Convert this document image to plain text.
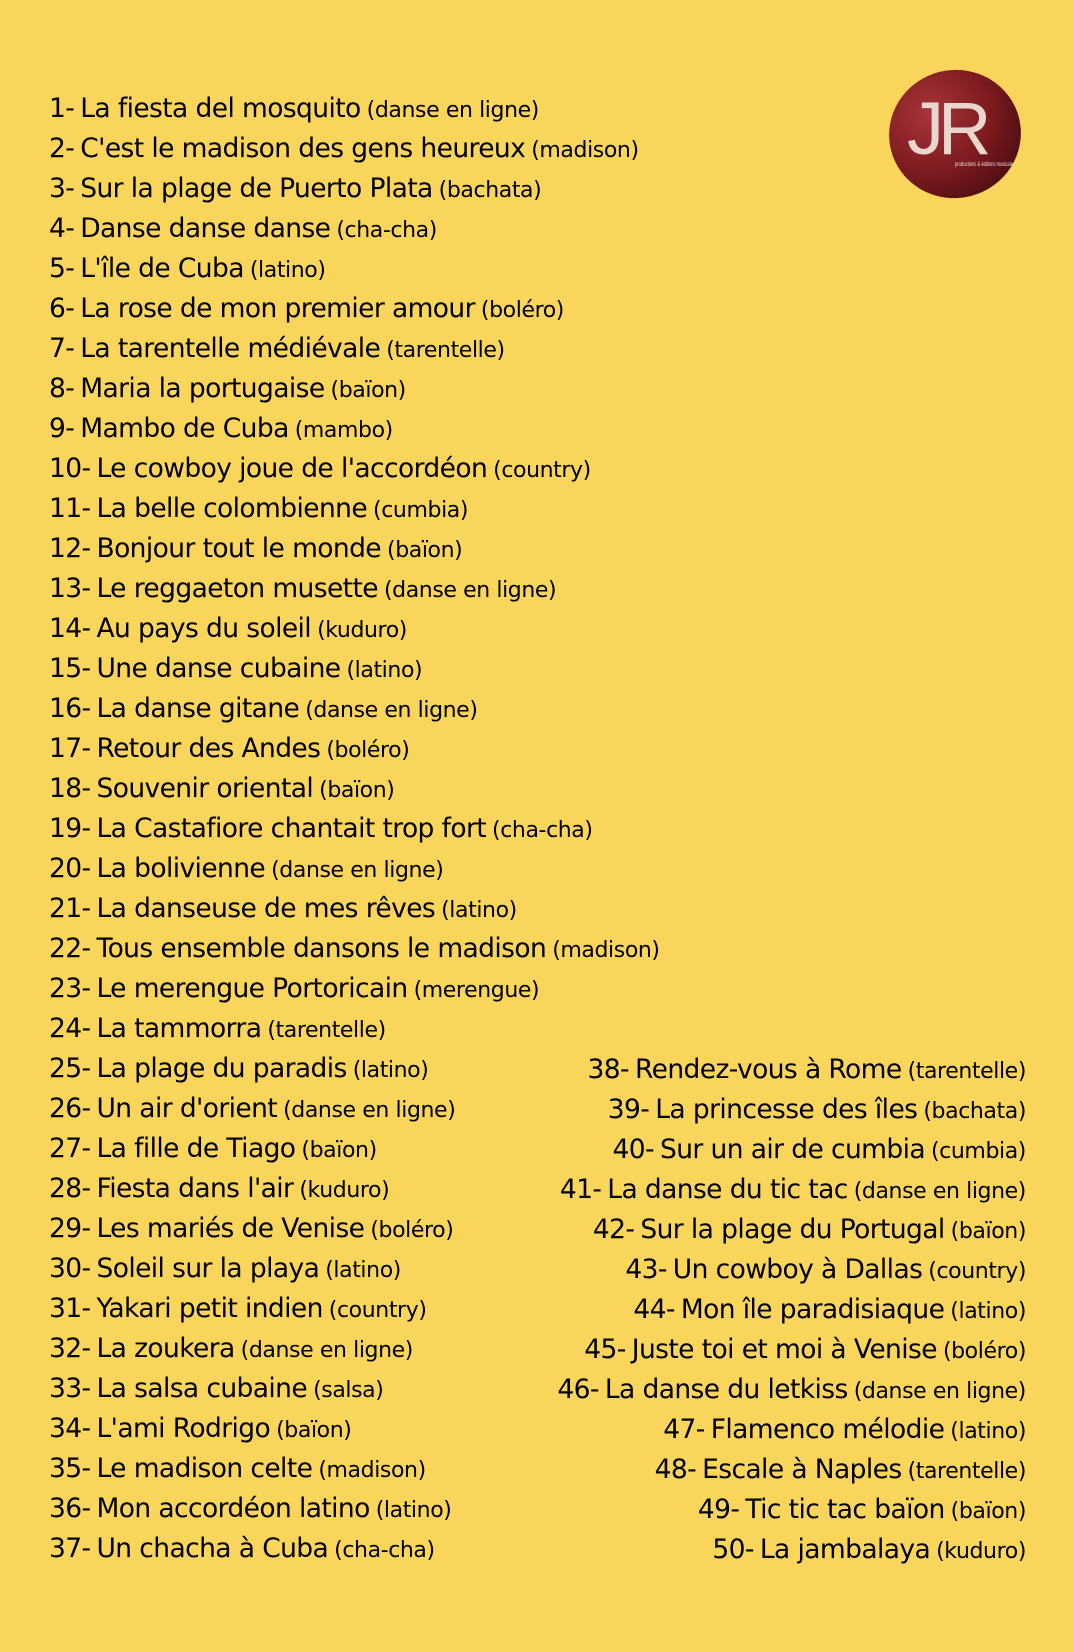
1- La fiesta del mosquito (danse en ligne)
2- C'est le madison des gens heureux (madison)
3- Sur la plage de Puerto Plata (bachata)
4- Danse danse danse (cha-cha)
5- L'île de Cuba (latino)
6- La rose de mon premier amour (boléro)
7- La tarentelle médiévale (tarentelle)
8- Maria la portugaise (baïon)
9- Mambo de Cuba (mambo)
10- Le cowboy joue de l'accordéon (country)
11- La belle colombienne (cumbia)
12- Bonjour tout le monde (baïon)
13- Le reggaeton musette (danse en ligne)
14- Au pays du soleil (kuduro)
15- Une danse cubaine (latino)
16- La danse gitane (danse en ligne)
17- Retour des Andes (boléro)
18- Souvenir oriental (baïon)
19- La Castafiore chantait trop fort (cha-cha)
20- La bolivienne (danse en ligne)
21- La danseuse de mes rêves (latino)
22- Tous ensemble dansons le madison (madison)
23- Le merengue Portoricain (merengue)
24- La tammorra (tarentelle)
25- La plage du paradis (latino)
26- Un air d'orient (danse en ligne)
27- La fille de Tiago (baïon)
28- Fiesta dans l'air (kuduro)
29- Les mariés de Venise (boléro)
30- Soleil sur la playa (latino)
31- Yakari petit indien (country)
32- La zoukera (danse en ligne)
33- La salsa cubaine (salsa)
34- L'ami Rodrigo (baïon)
35- Le madison celte (madison)
36- Mon accordéon latino (latino)
37- Un chacha à Cuba (cha-cha)
38- Rendez-vous à Rome (tarentelle)
39- La princesse des îles (bachata)
40- Sur un air de cumbia (cumbia)
41- La danse du tic tac (danse en ligne)
42- Sur la plage du Portugal (baïon)
43- Un cowboy à Dallas (country)
44- Mon île paradisiaque (latino)
45- Juste toi et moi à Venise (boléro)
46- La danse du letkiss (danse en ligne)
47- Flamenco mélodie (latino)
48- Escale à Naples (tarentelle)
49- Tic tic tac baïon (baïon)
50- La jambalaya (kuduro)
JR
productions & éditions musicales
